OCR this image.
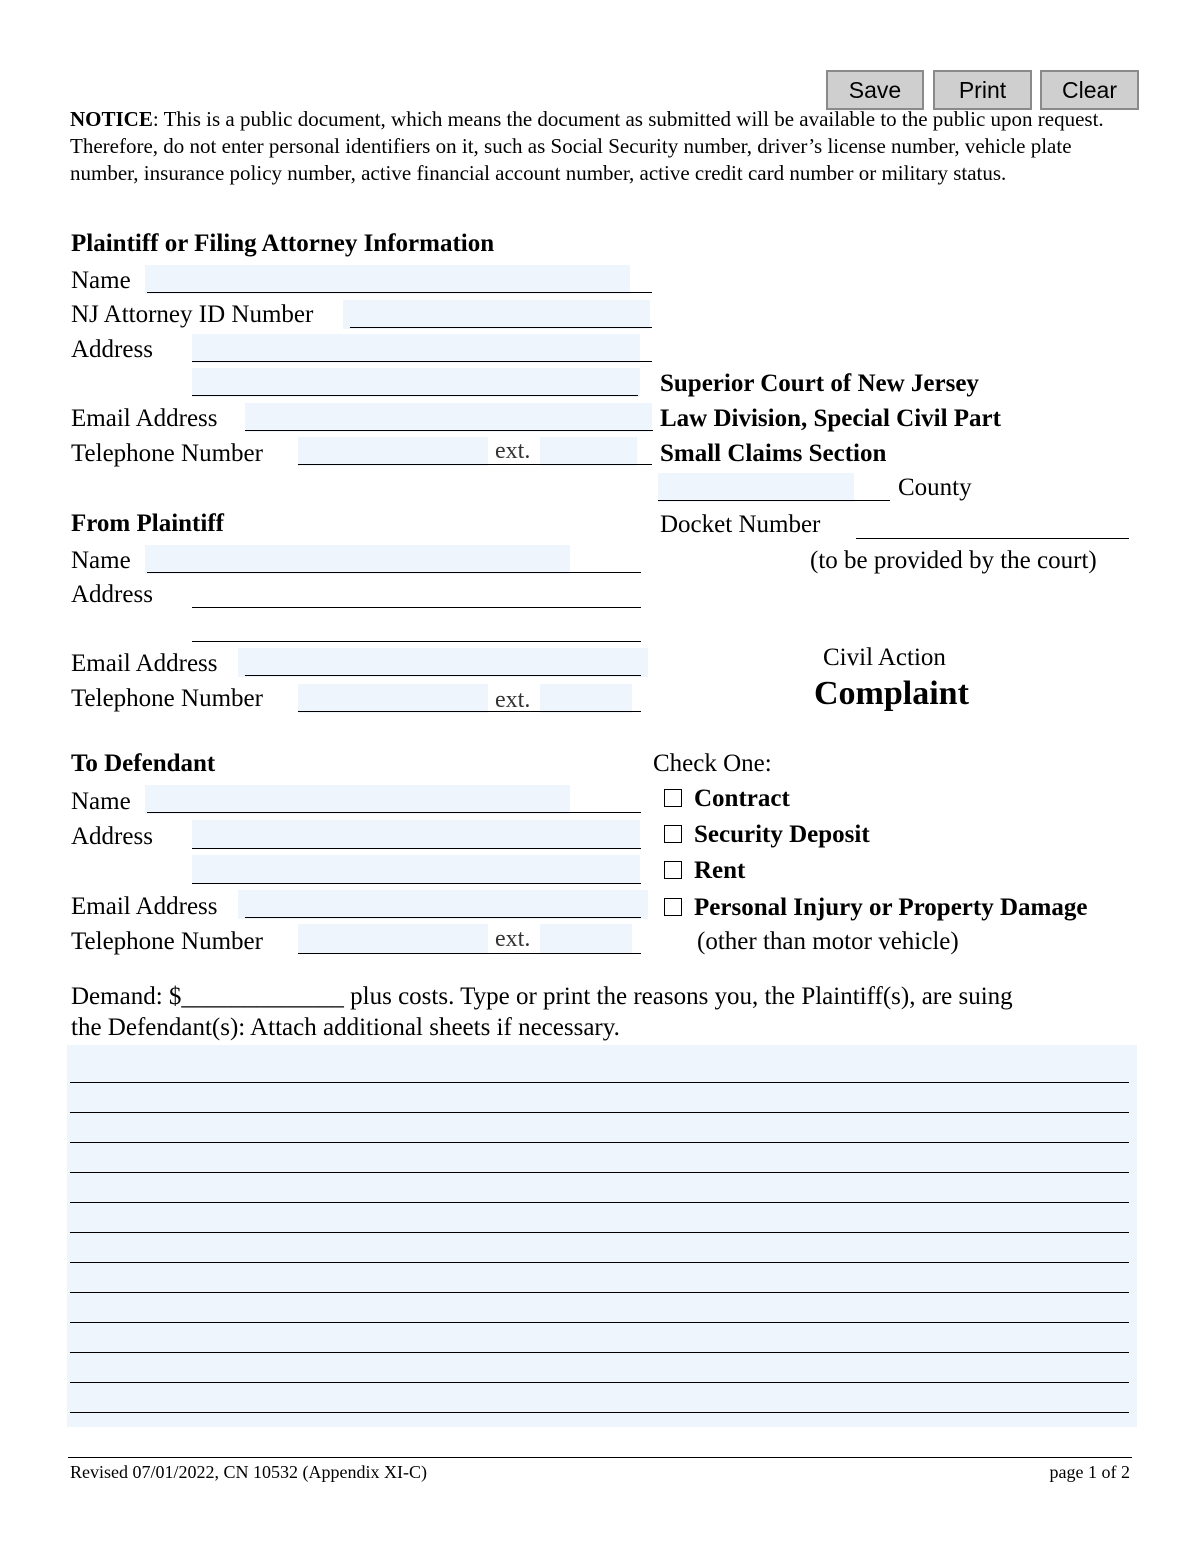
Save	Print	Clear
NOTICE: This is a public document, which means the document as submitted will be available to the public upon request. Therefore, do not enter personal identifiers on it, such as Social Security number, driver’s license number, vehicle plate number, insurance policy number, active financial account number, active credit card number or military status.
Plaintiff or Filing Attorney Information
Name
NJ Attorney ID Number
Address
Email Address
Telephone Number	ext.
Superior Court of New Jersey
Law Division, Special Civil Part
Small Claims Section
County
Docket Number
(to be provided by the court)
Civil Action
Complaint
From Plaintiff
Name
Address
Email Address
Telephone Number	ext.
To Defendant
Name
Address
Email Address
Telephone Number	ext.
Check One:
Contract
Security Deposit
Rent
Personal Injury or Property Damage
(other than motor vehicle)
Demand: $_____________ plus costs. Type or print the reasons you, the Plaintiff(s), are suing
the Defendant(s): Attach additional sheets if necessary.
Revised 07/01/2022, CN 10532 (Appendix XI-C)	page 1 of 2
